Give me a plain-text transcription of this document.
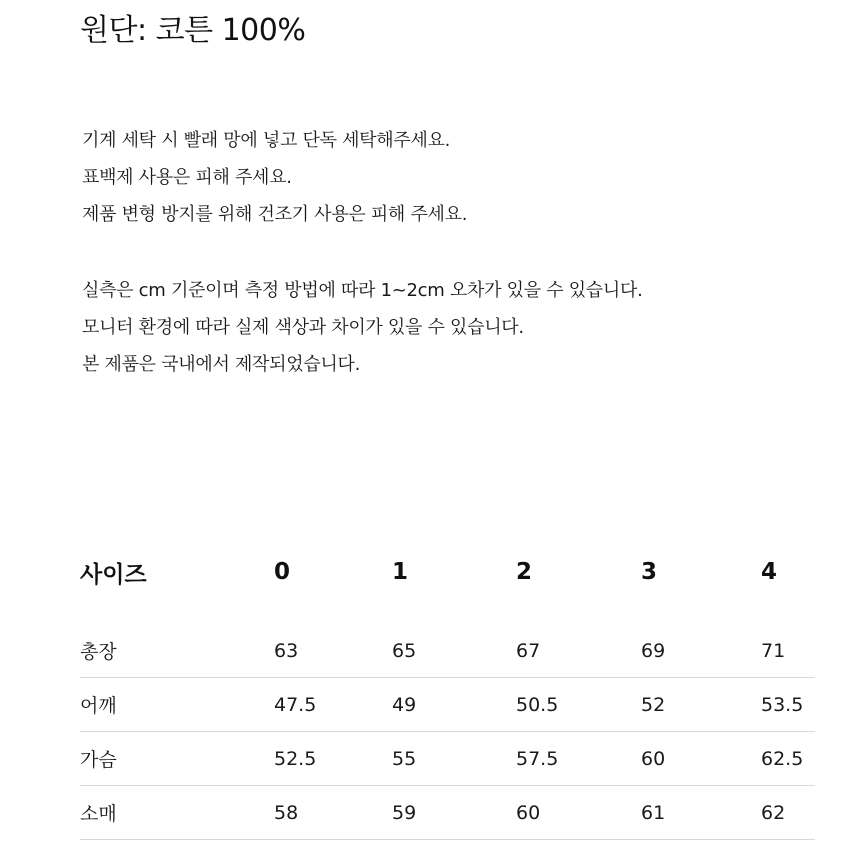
원단: 코튼 100%
기계 세탁 시 빨래 망에 넣고 단독 세탁해주세요.
표백제 사용은 피해 주세요.
제품 변형 방지를 위해 건조기 사용은 피해 주세요.
실측은 cm 기준이며 측정 방법에 따라 1~2cm 오차가 있을 수 있습니다.
모니터 환경에 따라 실제 색상과 차이가 있을 수 있습니다.
본 제품은 국내에서 제작되었습니다.
사이즈	0	1	2	3	4
총장	63	65	67	69	71
어깨	47.5	49	50.5	52	53.5
가슴	52.5	55	57.5	60	62.5
소매	58	59	60	61	62
